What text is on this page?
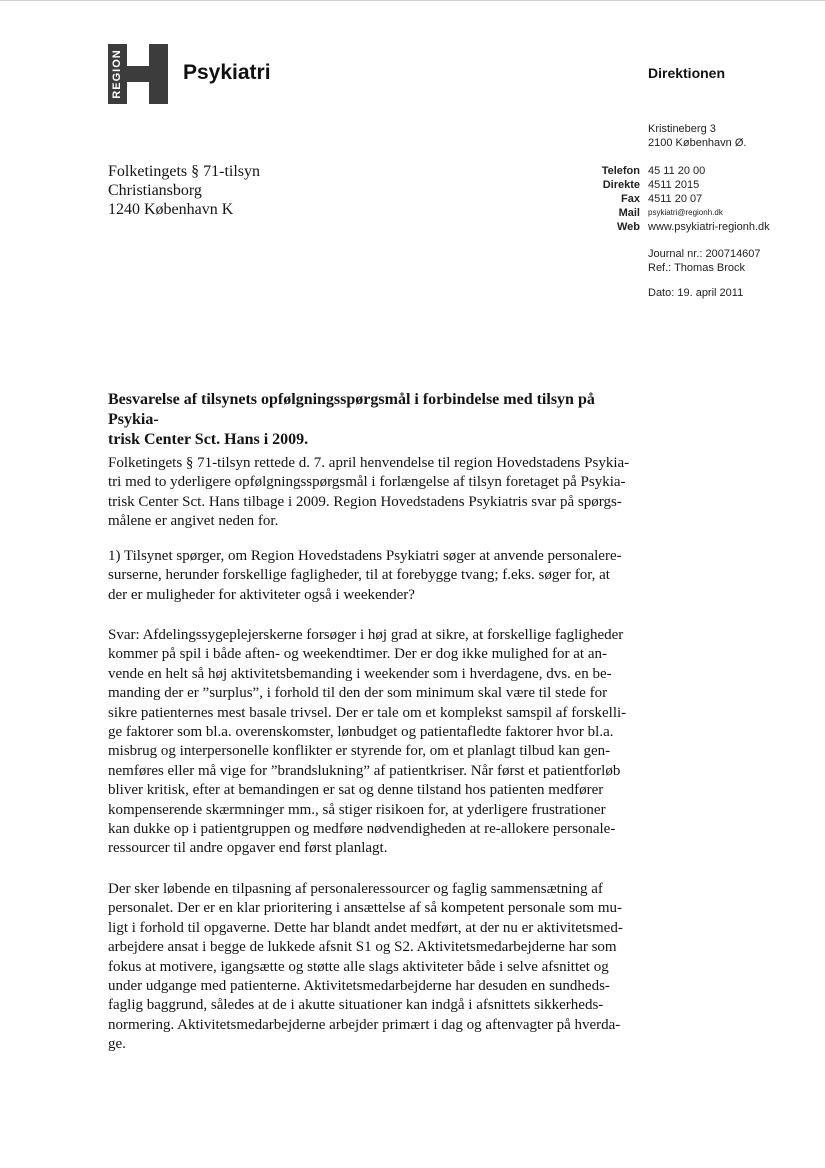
REGION	Psykiatri	Direktionen
Kristineberg 3
2100 København Ø.
Telefon
Direkte
Fax
Mail
Web
45 11 20 00
4511 2015
4511 20 07
psykiatri@regionh.dk
www.psykiatri-regionh.dk
Journal nr.: 200714607
Ref.: Thomas Brock
Dato: 19. april 2011
Folketingets § 71-tilsyn
Christiansborg
1240 København K
Besvarelse af tilsynets opfølgningsspørgsmål i forbindelse med tilsyn på Psykia-
trisk Center Sct. Hans i 2009.
Folketingets § 71-tilsyn rettede d. 7. april henvendelse til region Hovedstadens Psykia-
tri med to yderligere opfølgningsspørgsmål i forlængelse af tilsyn foretaget på Psykia-
trisk Center Sct. Hans tilbage i 2009. Region Hovedstadens Psykiatris svar på spørgs-
målene er angivet neden for.
1) Tilsynet spørger, om Region Hovedstadens Psykiatri søger at anvende personalere-
surserne, herunder forskellige fagligheder, til at forebygge tvang; f.eks. søger for, at
der er muligheder for aktiviteter også i weekender?
Svar: Afdelingssygeplejerskerne forsøger i høj grad at sikre, at forskellige fagligheder
kommer på spil i både aften- og weekendtimer. Der er dog ikke mulighed for at an-
vende en helt så høj aktivitetsbemanding i weekender som i hverdagene, dvs. en be-
manding der er ”surplus”, i forhold til den der som minimum skal være til stede for
sikre patienternes mest basale trivsel. Der er tale om et komplekst samspil af forskelli-
ge faktorer som bl.a. overenskomster, lønbudget og patientafledte faktorer hvor bl.a.
misbrug og interpersonelle konflikter er styrende for, om et planlagt tilbud kan gen-
nemføres eller må vige for ”brandslukning” af patientkriser. Når først et patientforløb
bliver kritisk, efter at bemandingen er sat og denne tilstand hos patienten medfører
kompenserende skærmninger mm., så stiger risikoen for, at yderligere frustrationer
kan dukke op i patientgruppen og medføre nødvendigheden at re-allokere personale-
ressourcer til andre opgaver end først planlagt.
Der sker løbende en tilpasning af personaleressourcer og faglig sammensætning af
personalet. Der er en klar prioritering i ansættelse af så kompetent personale som mu-
ligt i forhold til opgaverne. Dette har blandt andet medført, at der nu er aktivitetsmed-
arbejdere ansat i begge de lukkede afsnit S1 og S2. Aktivitetsmedarbejderne har som
fokus at motivere, igangsætte og støtte alle slags aktiviteter både i selve afsnittet og
under udgange med patienterne. Aktivitetsmedarbejderne har desuden en sundheds-
faglig baggrund, således at de i akutte situationer kan indgå i afsnittets sikkerheds-
normering. Aktivitetsmedarbejderne arbejder primært i dag og aftenvagter på hverda-
ge.
